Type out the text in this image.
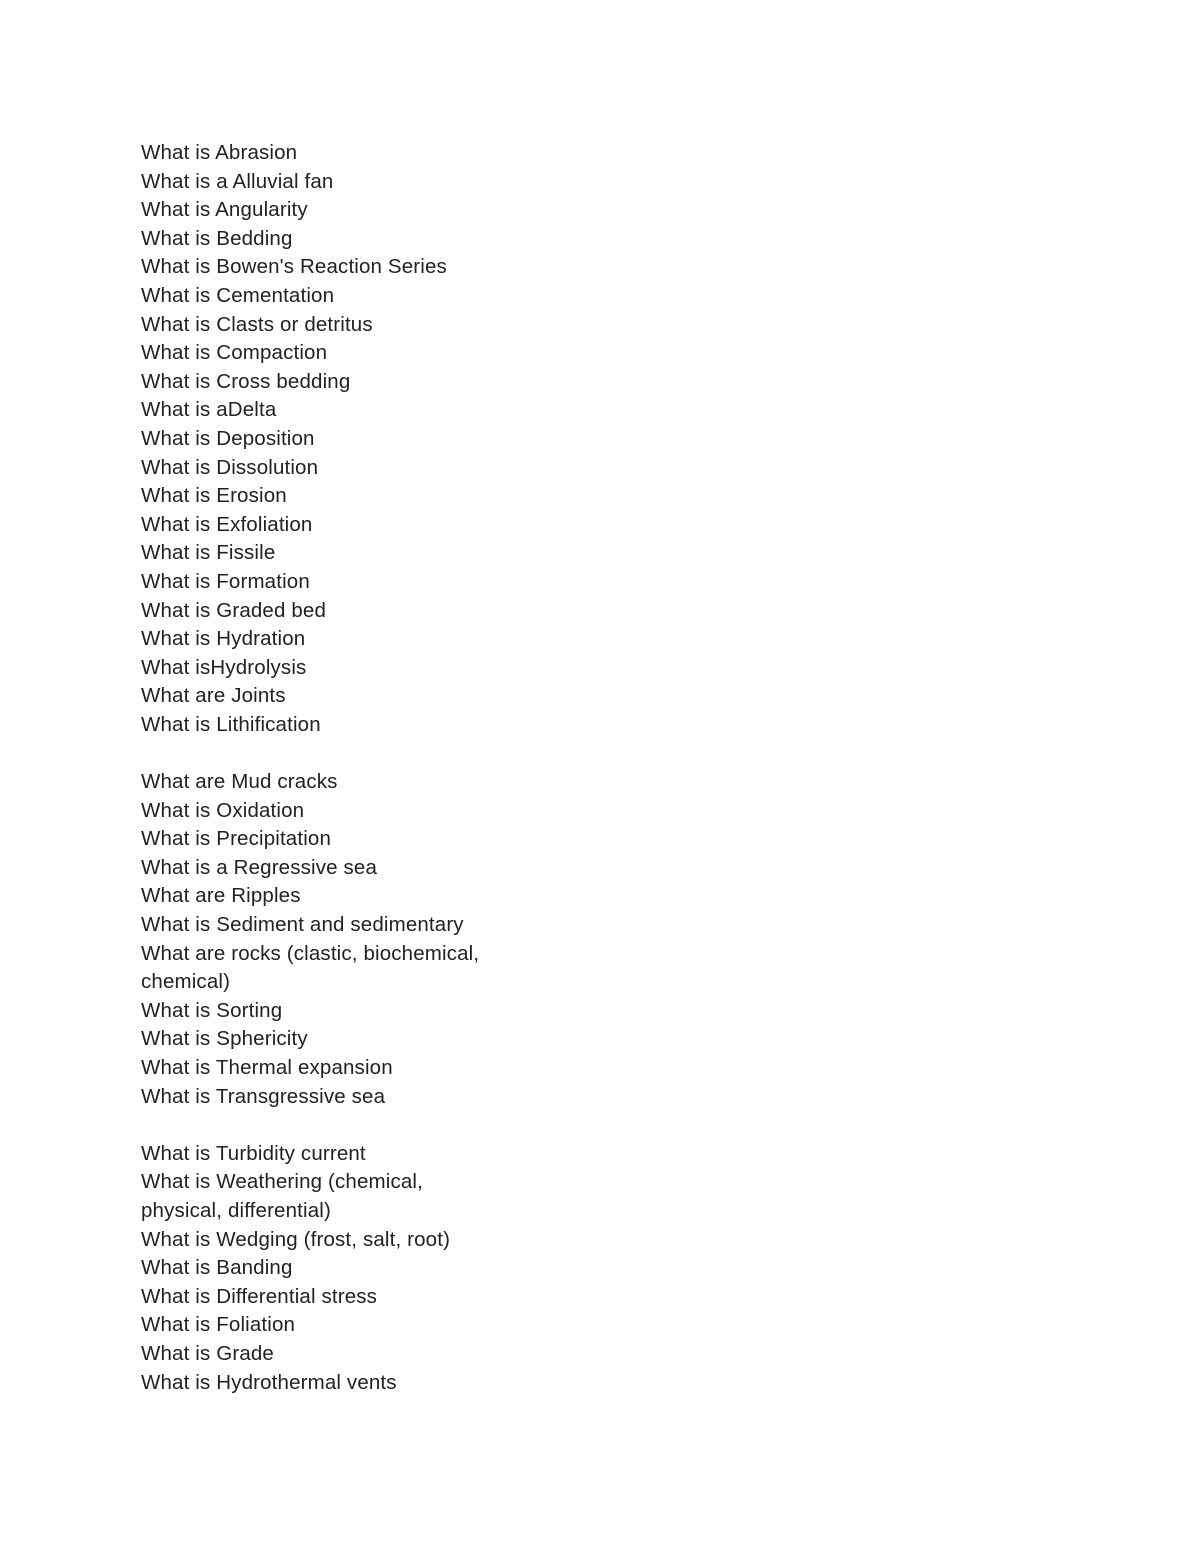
What is Abrasion
What is a Alluvial fan
What is Angularity
What is Bedding
What is Bowen's Reaction Series
What is Cementation
What is Clasts or detritus
What is Compaction
What is Cross bedding
What is aDelta
What is Deposition
What is Dissolution
What is Erosion
What is Exfoliation
What is Fissile
What is Formation
What is Graded bed
What is Hydration
What isHydrolysis
What are Joints
What is Lithification
What are Mud cracks
What is Oxidation
What is Precipitation
What is a Regressive sea
What are Ripples
What is Sediment and sedimentary
What are rocks (clastic, biochemical,
chemical)
What is Sorting
What is Sphericity
What is Thermal expansion
What is Transgressive sea
What is Turbidity current
What is Weathering (chemical,
physical, differential)
What is Wedging (frost, salt, root)
What is Banding
What is Differential stress
What is Foliation
What is Grade
What is Hydrothermal vents
